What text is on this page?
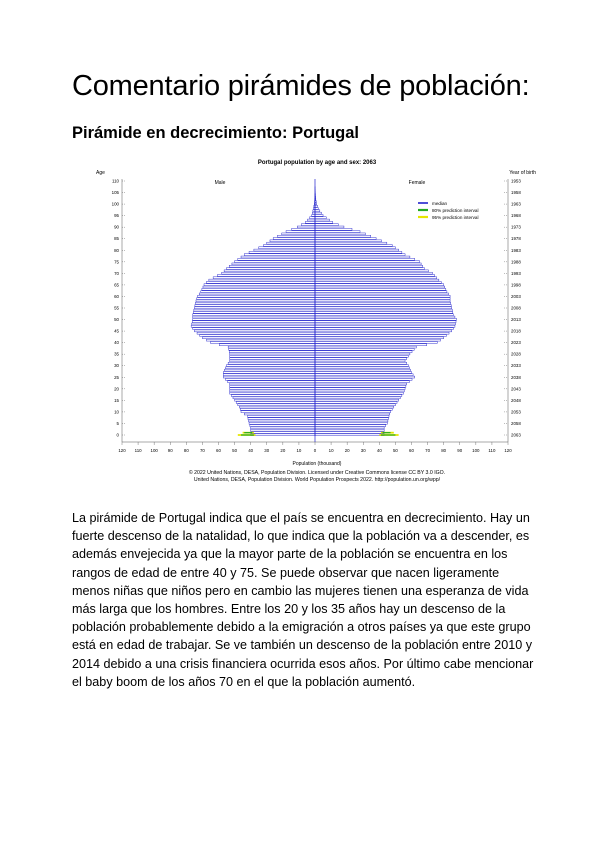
Comentario pirámides de población:
Pirámide en decrecimiento: Portugal
Portugal population by age and sex: 2063
Age	Year of birth
Male	Female
median
80% prediction interval
95% prediction interval
Population (thousand)
© 2022 United Nations, DESA, Population Division. Licensed under Creative Commons license CC BY 3.0 IGO.
United Nations, DESA, Population Division. World Population Prospects 2022. http://population.un.org/wpp/
0	2063
5	2058
10	2053
15	2048
20	2043
25	2038
30	2033
35	2028
40	2023
45	2018
50	2013
55	2008
60	2003
65	1998
70	1993
75	1988
80	1983
85	1978
90	1973
95	1968
100	1963
105	1958
110	1953
120 110 100 90	80	70	60	50	40	30	20	10	0	10	20	30	40	50	60	70	80	90 100 110 120

La pirámide de Portugal indica que el país se encuentra en decrecimiento. Hay un fuerte descenso de la natalidad, lo que indica que la población va a descender, es además envejecida ya que la mayor parte de la población se encuentra en los rangos de edad de entre 40 y 75. Se puede observar que nacen ligeramente menos niñas que niños pero en cambio las mujeres tienen una esperanza de vida más larga que los hombres. Entre los 20 y los 35 años hay un descenso de la población probablemente debido a la emigración a otros países ya que este grupo está en edad de trabajar. Se ve también un descenso de la población entre 2010 y 2014 debido a una crisis financiera ocurrida esos años. Por último cabe mencionar el baby boom de los años 70 en el que la población aumentó.
